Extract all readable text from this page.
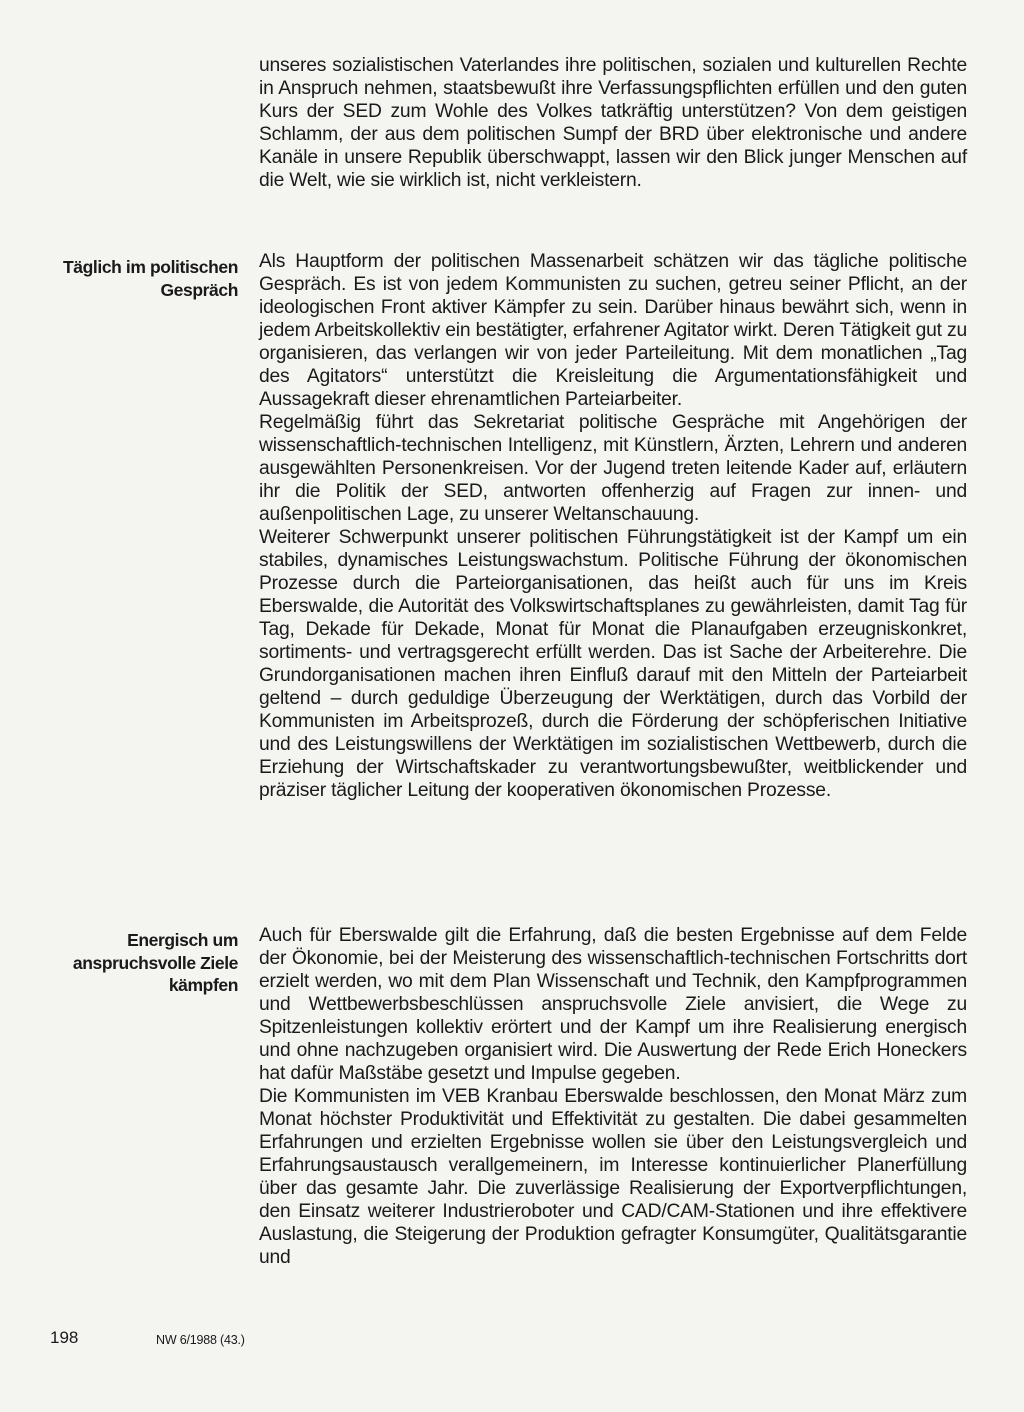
unseres sozialistischen Vaterlandes ihre politischen, sozialen und kulturellen Rechte in Anspruch nehmen, staatsbewußt ihre Verfassungspflichten erfüllen und den guten Kurs der SED zum Wohle des Volkes tatkräftig unterstützen? Von dem geistigen Schlamm, der aus dem politischen Sumpf der BRD über elektronische und andere Kanäle in unsere Republik überschwappt, lassen wir den Blick junger Menschen auf die Welt, wie sie wirklich ist, nicht verkleistern.

Täglich im politischen Gespräch

Als Hauptform der politischen Massenarbeit schätzen wir das tägliche politische Gespräch. Es ist von jedem Kommunisten zu suchen, getreu seiner Pflicht, an der ideologischen Front aktiver Kämpfer zu sein. Darüber hinaus bewährt sich, wenn in jedem Arbeitskollektiv ein bestätigter, erfahrener Agitator wirkt. Deren Tätigkeit gut zu organisieren, das verlangen wir von jeder Parteileitung. Mit dem monatlichen „Tag des Agitators“ unterstützt die Kreisleitung die Argumentationsfähigkeit und Aussagekraft dieser ehrenamtlichen Parteiarbeiter.

Regelmäßig führt das Sekretariat politische Gespräche mit Angehörigen der wissenschaftlich-technischen Intelligenz, mit Künstlern, Ärzten, Lehrern und anderen ausgewählten Personenkreisen. Vor der Jugend treten leitende Kader auf, erläutern ihr die Politik der SED, antworten offenherzig auf Fragen zur innen- und außenpolitischen Lage, zu unserer Weltanschauung.

Weiterer Schwerpunkt unserer politischen Führungstätigkeit ist der Kampf um ein stabiles, dynamisches Leistungswachstum. Politische Führung der ökonomischen Prozesse durch die Parteiorganisationen, das heißt auch für uns im Kreis Eberswalde, die Autorität des Volkswirtschaftsplanes zu gewährleisten, damit Tag für Tag, Dekade für Dekade, Monat für Monat die Planaufgaben erzeugniskonkret, sortiments- und vertragsgerecht erfüllt werden. Das ist Sache der Arbeiterehre. Die Grundorganisationen machen ihren Einfluß darauf mit den Mitteln der Parteiarbeit geltend – durch geduldige Überzeugung der Werktätigen, durch das Vorbild der Kommunisten im Arbeitsprozeß, durch die Förderung der schöpferischen Initiative und des Leistungswillens der Werktätigen im sozialistischen Wettbewerb, durch die Erziehung der Wirtschaftskader zu verantwortungsbewußter, weitblickender und präziser täglicher Leitung der kooperativen ökonomischen Prozesse.

Energisch um anspruchsvolle Ziele kämpfen

Auch für Eberswalde gilt die Erfahrung, daß die besten Ergebnisse auf dem Felde der Ökonomie, bei der Meisterung des wissenschaftlich-technischen Fortschritts dort erzielt werden, wo mit dem Plan Wissenschaft und Technik, den Kampfprogrammen und Wettbewerbsbeschlüssen anspruchsvolle Ziele anvisiert, die Wege zu Spitzenleistungen kollektiv erörtert und der Kampf um ihre Realisierung energisch und ohne nachzugeben organisiert wird. Die Auswertung der Rede Erich Honeckers hat dafür Maßstäbe gesetzt und Impulse gegeben.

Die Kommunisten im VEB Kranbau Eberswalde beschlossen, den Monat März zum Monat höchster Produktivität und Effektivität zu gestalten. Die dabei gesammelten Erfahrungen und erzielten Ergebnisse wollen sie über den Leistungsvergleich und Erfahrungsaustausch verallgemeinern, im Interesse kontinuierlicher Planerfüllung über das gesamte Jahr. Die zuverlässige Realisierung der Exportverpflichtungen, den Einsatz weiterer Industrieroboter und CAD/CAM-Stationen und ihre effektivere Auslastung, die Steigerung der Produktion gefragter Konsumgüter, Qualitätsgarantie und

198	NW 6/1988 (43.)
